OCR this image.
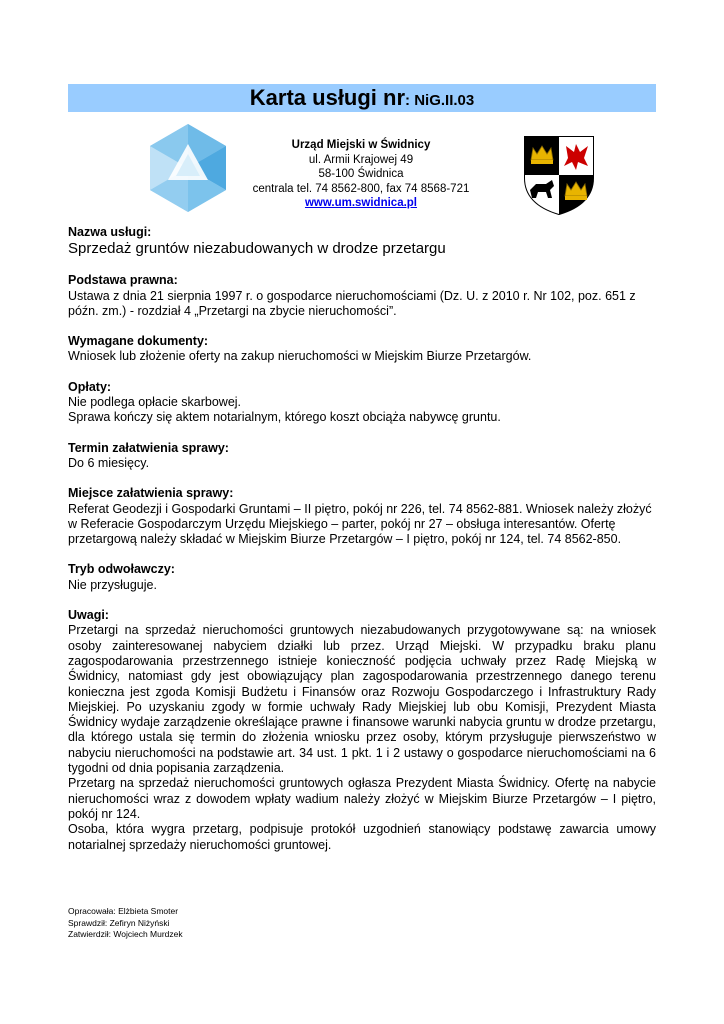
Karta usługi nr: NiG.II.03
Urząd Miejski w Świdnicy
ul. Armii Krajowej 49
58-100 Świdnica
centrala tel. 74 8562-800, fax 74 8568-721
www.um.swidnica.pl
Nazwa usługi:
Sprzedaż gruntów niezabudowanych w drodze przetargu
Podstawa prawna:
Ustawa z dnia 21 sierpnia 1997 r. o gospodarce nieruchomościami (Dz. U. z 2010 r. Nr 102, poz. 651 z późn. zm.) - rozdział 4 „Przetargi na zbycie nieruchomości”.
Wymagane dokumenty:
Wniosek lub złożenie oferty na zakup nieruchomości w Miejskim Biurze Przetargów.
Opłaty:
Nie podlega opłacie skarbowej.
Sprawa kończy się aktem notarialnym, którego koszt obciąża nabywcę gruntu.
Termin załatwienia sprawy:
Do 6 miesięcy.
Miejsce załatwienia sprawy:
Referat Geodezji i Gospodarki Gruntami – II piętro, pokój nr 226, tel. 74 8562-881. Wniosek należy złożyć w Referacie Gospodarczym Urzędu Miejskiego – parter, pokój nr 27 – obsługa interesantów. Ofertę przetargową należy składać w Miejskim Biurze Przetargów – I piętro, pokój nr 124, tel. 74 8562-850.
Tryb odwoławczy:
Nie przysługuje.
Uwagi:
Przetargi na sprzedaż nieruchomości gruntowych niezabudowanych przygotowywane są: na wniosek osoby zainteresowanej nabyciem działki lub przez. Urząd Miejski. W przypadku braku planu zagospodarowania przestrzennego istnieje konieczność podjęcia uchwały przez Radę Miejską w Świdnicy, natomiast gdy jest obowiązujący plan zagospodarowania przestrzennego danego terenu konieczna jest zgoda Komisji Budżetu i Finansów oraz Rozwoju Gospodarczego i Infrastruktury Rady Miejskiej. Po uzyskaniu zgody w formie uchwały Rady Miejskiej lub obu Komisji, Prezydent Miasta Świdnicy wydaje zarządzenie określające prawne i finansowe warunki nabycia gruntu w drodze przetargu, dla którego ustala się termin do złożenia wniosku przez osoby, którym przysługuje pierwszeństwo w nabyciu nieruchomości na podstawie art. 34 ust. 1 pkt. 1 i 2 ustawy o gospodarce nieruchomościami na 6 tygodni od dnia popisania zarządzenia.
Przetarg na sprzedaż nieruchomości gruntowych ogłasza Prezydent Miasta Świdnicy. Ofertę na nabycie nieruchomości wraz z dowodem wpłaty wadium należy złożyć w Miejskim Biurze Przetargów – I piętro, pokój nr 124.
Osoba, która wygra przetarg, podpisuje protokół uzgodnień stanowiący podstawę zawarcia umowy notarialnej sprzedaży nieruchomości gruntowej.
Opracowała: Elżbieta Smoter
Sprawdził: Zefiryn Niżyński
Zatwierdził: Wojciech Murdzek
